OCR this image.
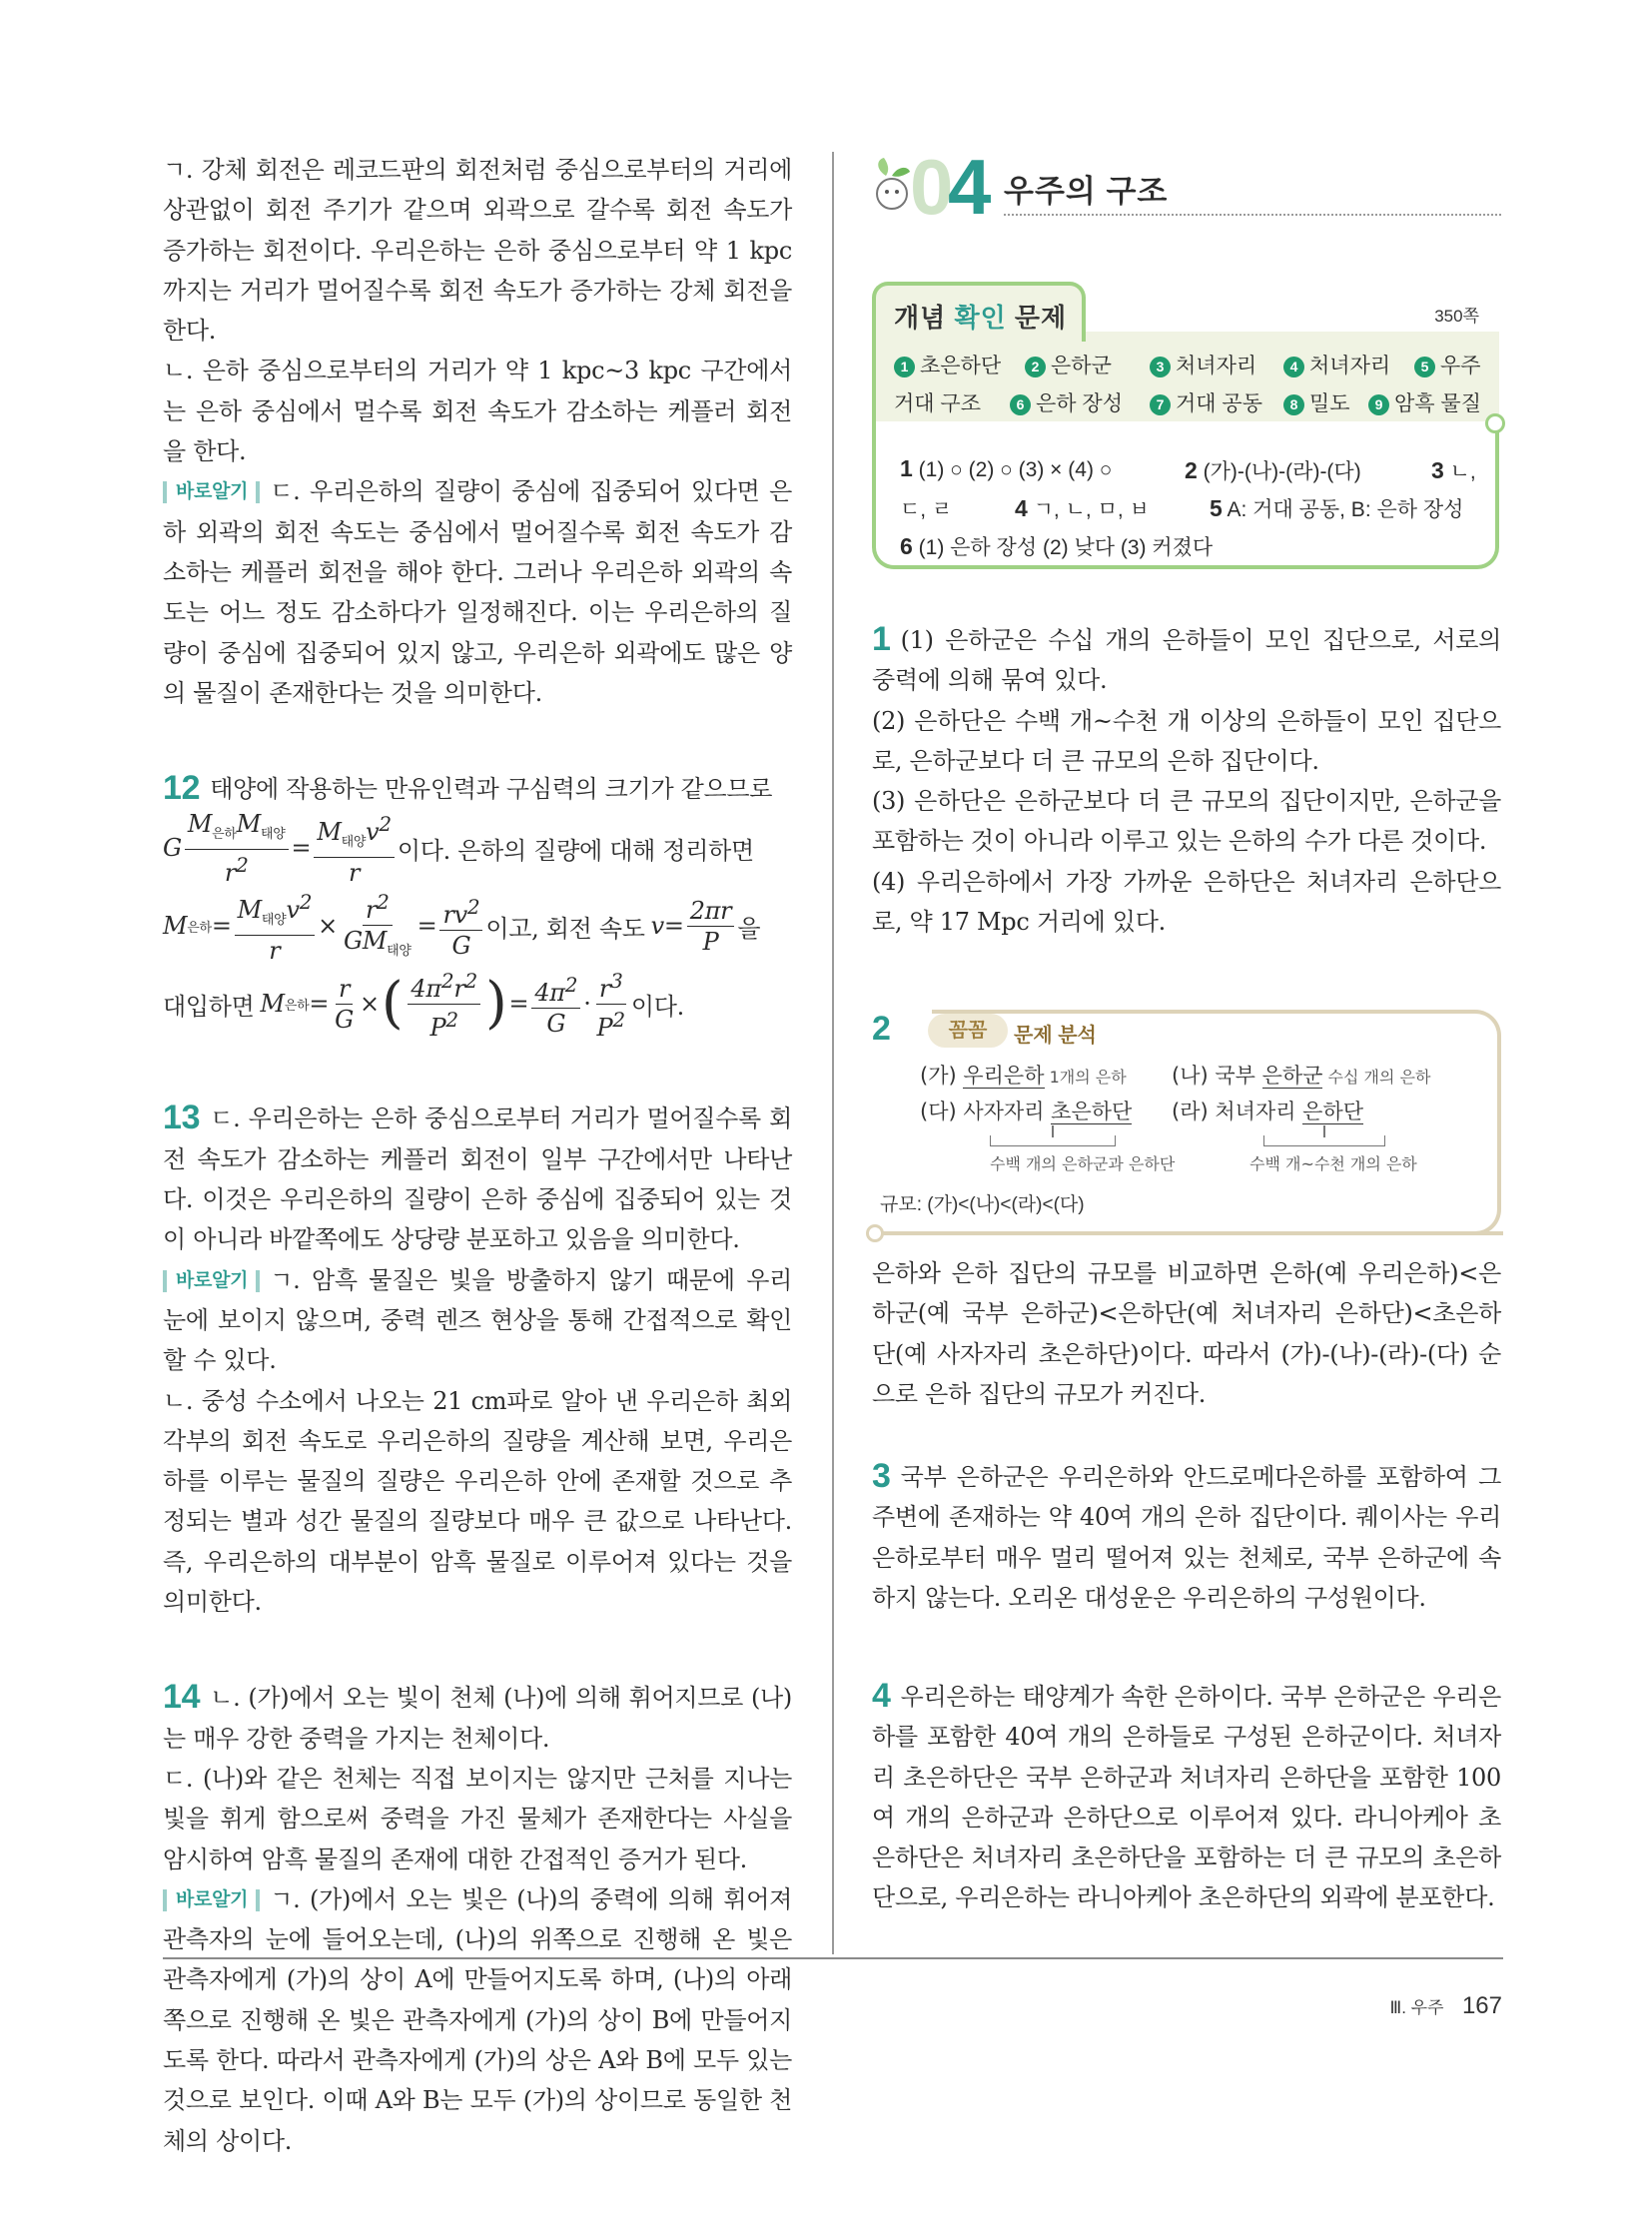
ㄱ. 강체 회전은 레코드판의 회전처럼 중심으로부터의 거리에 상관없이 회전 주기가 같으며 외곽으로 갈수록 회전 속도가 증가하는 회전이다. 우리은하는 은하 중심으로부터 약 1 kpc까지는 거리가 멀어질수록 회전 속도가 증가하는 강체 회전을 한다.

ㄴ. 은하 중심으로부터의 거리가 약 1 kpc~3 kpc 구간에서는 은하 중심에서 멀수록 회전 속도가 감소하는 케플러 회전을 한다.

바로알기 ㄷ. 우리은하의 질량이 중심에 집중되어 있다면 은하 외곽의 회전 속도는 중심에서 멀어질수록 회전 속도가 감소하는 케플러 회전을 해야 한다. 그러나 우리은하 외곽의 속도는 어느 정도 감소하다가 일정해진다. 이는 우리은하의 질량이 중심에 집중되어 있지 않고, 우리은하 외곽에도 많은 양의 물질이 존재한다는 것을 의미한다.

12 태양에 작용하는 만유인력과 구심력의 크기가 같으므로

G $\frac{M_{은하}M_{태양}}{r^2} = \frac{M_{태양}v^2}{r}$ 이다. 은하의 질량에 대해 정리하면
M 은하 = $\frac{M_{태양}v^2}{r} \times \frac{r^2}{GM_{태양}} = \frac{rv^2}{G}$ 이고, 회전 속도 $v = \frac{2\pi r}{P}$ 을
대입하면 M 은하 = $\frac{r}{G}$ × ( $\frac{4\pi^2r^2}{P^2}$ ) = $\frac{4\pi^2}{G} \cdot \frac{r^3}{P^2}$ 이다.

13 ㄷ. 우리은하는 은하 중심으로부터 거리가 멀어질수록 회전 속도가 감소하는 케플러 회전이 일부 구간에서만 나타난다. 이것은 우리은하의 질량이 은하 중심에 집중되어 있는 것이 아니라 바깥쪽에도 상당량 분포하고 있음을 의미한다.

바로알기 ㄱ. 암흑 물질은 빛을 방출하지 않기 때문에 우리 눈에 보이지 않으며, 중력 렌즈 현상을 통해 간접적으로 확인할 수 있다.

ㄴ. 중성 수소에서 나오는 21 cm파로 알아 낸 우리은하 최외각부의 회전 속도로 우리은하의 질량을 계산해 보면, 우리은하를 이루는 물질의 질량은 우리은하 안에 존재할 것으로 추정되는 별과 성간 물질의 질량보다 매우 큰 값으로 나타난다. 즉, 우리은하의 대부분이 암흑 물질로 이루어져 있다는 것을 의미한다.

14 ㄴ. (가)에서 오는 빛이 천체 (나)에 의해 휘어지므로 (나)는 매우 강한 중력을 가지는 천체이다.

ㄷ. (나)와 같은 천체는 직접 보이지는 않지만 근처를 지나는 빛을 휘게 함으로써 중력을 가진 물체가 존재한다는 사실을 암시하여 암흑 물질의 존재에 대한 간접적인 증거가 된다.

바로알기 ㄱ. (가)에서 오는 빛은 (나)의 중력에 의해 휘어져 관측자의 눈에 들어오는데, (나)의 위쪽으로 진행해 온 빛은 관측자에게 (가)의 상이 A에 만들어지도록 하며, (나)의 아래쪽으로 진행해 온 빛은 관측자에게 (가)의 상이 B에 만들어지도록 한다. 따라서 관측자에게 (가)의 상은 A와 B에 모두 있는 것으로 보인다. 이때 A와 B는 모두 (가)의 상이므로 동일한 천체의 상이다.

0
4 우주의 구조
개념 확인 문제	350쪽
1 초은하단	2 은하군	3 처녀자리	4 처녀자리	5 우주
거대 구조	6 은하 장성	7 거대 공동	8 밀도	9 암흑 물질
1 (1) ○ (2) ○ (3) × (4) ○	2 (가)-(나)-(라)-(다)	3 ㄴ,
ㄷ, ㄹ	4 ㄱ, ㄴ, ㅁ, ㅂ	5 A: 거대 공동, B: 은하 장성
6 (1) 은하 장성 (2) 낮다 (3) 커졌다

1 (1) 은하군은 수십 개의 은하들이 모인 집단으로, 서로의 중력에 의해 묶여 있다.

(2) 은하단은 수백 개~수천 개 이상의 은하들이 모인 집단으로, 은하군보다 더 큰 규모의 은하 집단이다.

(3) 은하단은 은하군보다 더 큰 규모의 집단이지만, 은하군을 포함하는 것이 아니라 이루고 있는 은하의 수가 다른 것이다.

(4) 우리은하에서 가장 가까운 은하단은 처녀자리 은하단으로, 약 17 Mpc 거리에 있다.

2	꼼꼼	문제 분석
(가) 우리은하 1개의 은하 (나) 국부 은하군 수십 개의 은하
(다) 사자자리 초은하단 (라) 처녀자리 은하단
수백 개의 은하군과 은하단	수백 개~수천 개의 은하
규모: (가)<(나)<(라)<(다)

은하와 은하 집단의 규모를 비교하면 은하(예 우리은하)<은하군(예 국부 은하군)<은하단(예 처녀자리 은하단)<초은하단(예 사자자리 초은하단)이다. 따라서 (가)-(나)-(라)-(다) 순으로 은하 집단의 규모가 커진다.

3 국부 은하군은 우리은하와 안드로메다은하를 포함하여 그 주변에 존재하는 약 40여 개의 은하 집단이다. 퀘이사는 우리은하로부터 매우 멀리 떨어져 있는 천체로, 국부 은하군에 속하지 않는다. 오리온 대성운은 우리은하의 구성원이다.

4 우리은하는 태양계가 속한 은하이다. 국부 은하군은 우리은하를 포함한 40여 개의 은하들로 구성된 은하군이다. 처녀자리 초은하단은 국부 은하군과 처녀자리 은하단을 포함한 100여 개의 은하군과 은하단으로 이루어져 있다. 라니아케아 초은하단은 처녀자리 초은하단을 포함하는 더 큰 규모의 초은하단으로, 우리은하는 라니아케아 초은하단의 외곽에 분포한다.

Ⅲ. 우주 167
